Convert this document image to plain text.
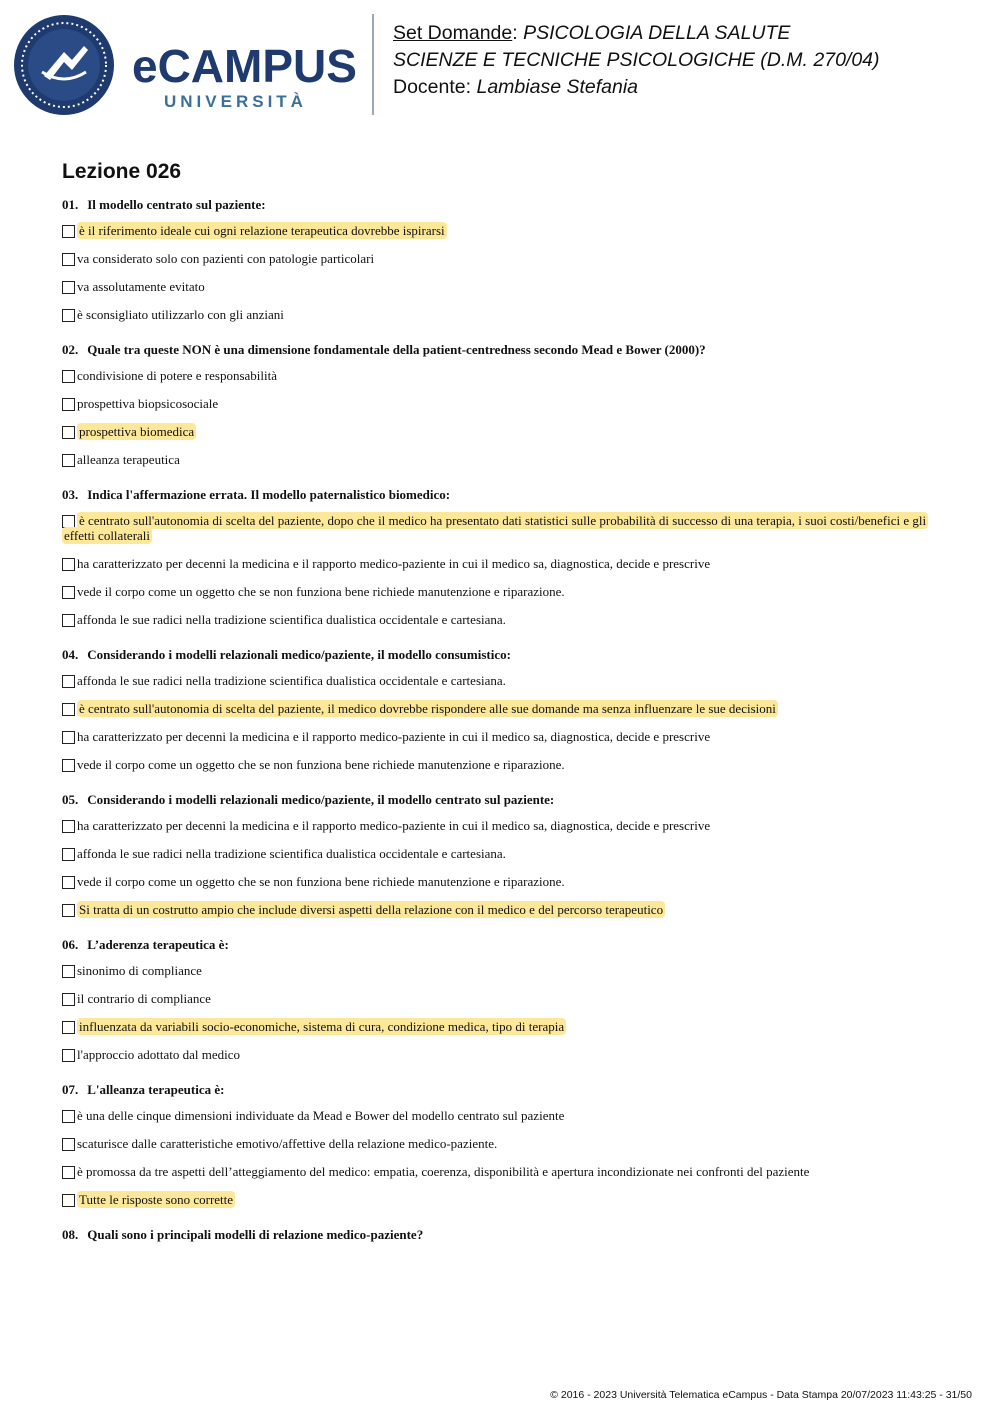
eCAMPUS
UNIVERSITÀ
Set Domande: PSICOLOGIA DELLA SALUTE
SCIENZE E TECNICHE PSICOLOGICHE (D.M. 270/04)
Docente: Lambiase Stefania
Lezione 026
01. Il modello centrato sul paziente:
è il riferimento ideale cui ogni relazione terapeutica dovrebbe ispirarsi
va considerato solo con pazienti con patologie particolari
va assolutamente evitato
è sconsigliato utilizzarlo con gli anziani
02. Quale tra queste NON è una dimensione fondamentale della patient-centredness secondo Mead e Bower (2000)?
condivisione di potere e responsabilità
prospettiva biopsicosociale
prospettiva biomedica
alleanza terapeutica
03. Indica l'affermazione errata. Il modello paternalistico biomedico:
è centrato sull'autonomia di scelta del paziente, dopo che il medico ha presentato dati statistici sulle probabilità di successo di una terapia, i suoi costi/benefici e gli effetti collaterali
ha caratterizzato per decenni la medicina e il rapporto medico-paziente in cui il medico sa, diagnostica, decide e prescrive
vede il corpo come un oggetto che se non funziona bene richiede manutenzione e riparazione.
affonda le sue radici nella tradizione scientifica dualistica occidentale e cartesiana.
04. Considerando i modelli relazionali medico/paziente, il modello consumistico:
affonda le sue radici nella tradizione scientifica dualistica occidentale e cartesiana.
è centrato sull'autonomia di scelta del paziente, il medico dovrebbe rispondere alle sue domande ma senza influenzare le sue decisioni
ha caratterizzato per decenni la medicina e il rapporto medico-paziente in cui il medico sa, diagnostica, decide e prescrive
vede il corpo come un oggetto che se non funziona bene richiede manutenzione e riparazione.
05. Considerando i modelli relazionali medico/paziente, il modello centrato sul paziente:
ha caratterizzato per decenni la medicina e il rapporto medico-paziente in cui il medico sa, diagnostica, decide e prescrive
affonda le sue radici nella tradizione scientifica dualistica occidentale e cartesiana.
vede il corpo come un oggetto che se non funziona bene richiede manutenzione e riparazione.
Si tratta di un costrutto ampio che include diversi aspetti della relazione con il medico e del percorso terapeutico
06. L’aderenza terapeutica è:
sinonimo di compliance
il contrario di compliance
influenzata da variabili socio-economiche, sistema di cura, condizione medica, tipo di terapia
l'approccio adottato dal medico
07. L'alleanza terapeutica è:
è una delle cinque dimensioni individuate da Mead e Bower del modello centrato sul paziente
scaturisce dalle caratteristiche emotivo/affettive della relazione medico-paziente.
è promossa da tre aspetti dell’atteggiamento del medico: empatia, coerenza, disponibilità e apertura incondizionate nei confronti del paziente
Tutte le risposte sono corrette
08. Quali sono i principali modelli di relazione medico-paziente?
© 2016 - 2023 Università Telematica eCampus - Data Stampa 20/07/2023 11:43:25 - 31/50
